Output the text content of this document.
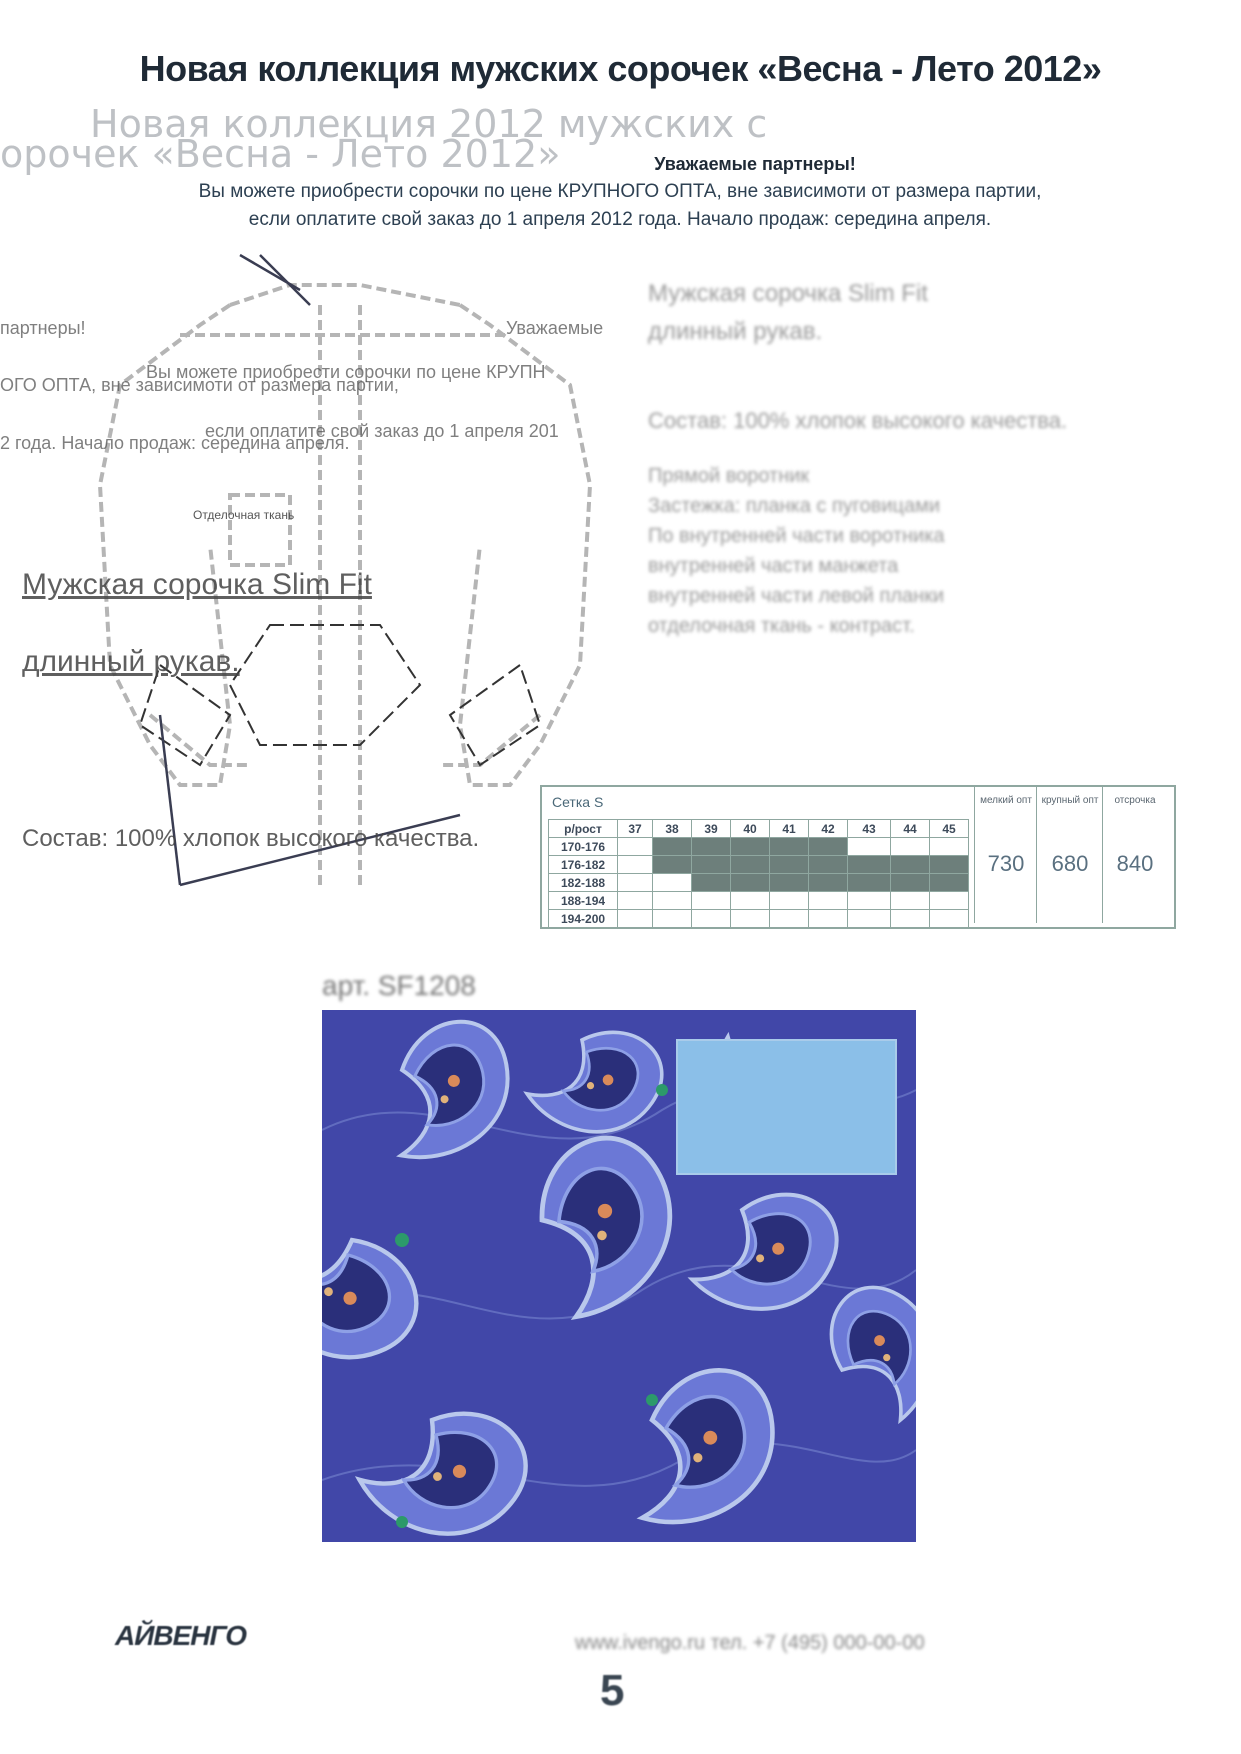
Новая коллекция мужских сорочек «Весна - Лето 2012»
Новая коллекция 2012 мужских с
орочек «Весна - Лето 2012»	Уважаемые партнеры!
Вы можете приобрести сорочки по цене КРУПНОГО ОПТА, вне зависимоти от размера партии,
если оплатите свой заказ до 1 апреля 2012 года. Начало продаж: середина апреля.
Отделочная ткань
партнеры!	Уважаемые
ОГО ОПТА, вне зависимоти от размера партии,
Вы можете приобрести сорочки по цене КРУПН
2 года. Начало продаж: середина апреля.
если оплатите свой заказ до 1 апреля 201
Мужская сорочка Slim Fit
длинный рукав.
Состав: 100% хлопок высокого качества.
Мужская сорочка Slim Fit
длинный рукав.
Состав: 100% хлопок высокого качества.
Прямой воротник
Застежка: планка с пуговицами
По внутренней части воротника
внутренней части манжета
внутренней части левой планки
отделочная ткань - контраст.
Сетка S
р/рост	37	38	39	40	41	42	43	44	45
170-176									
176-182									
182-188									
188-194									
194-200									
мелкий опт
730
крупный опт
680
отсрочка
840
арт. SF1208
АЙВЕНГО	www.ivengo.ru тел. +7 (495) 000-00-00
5
